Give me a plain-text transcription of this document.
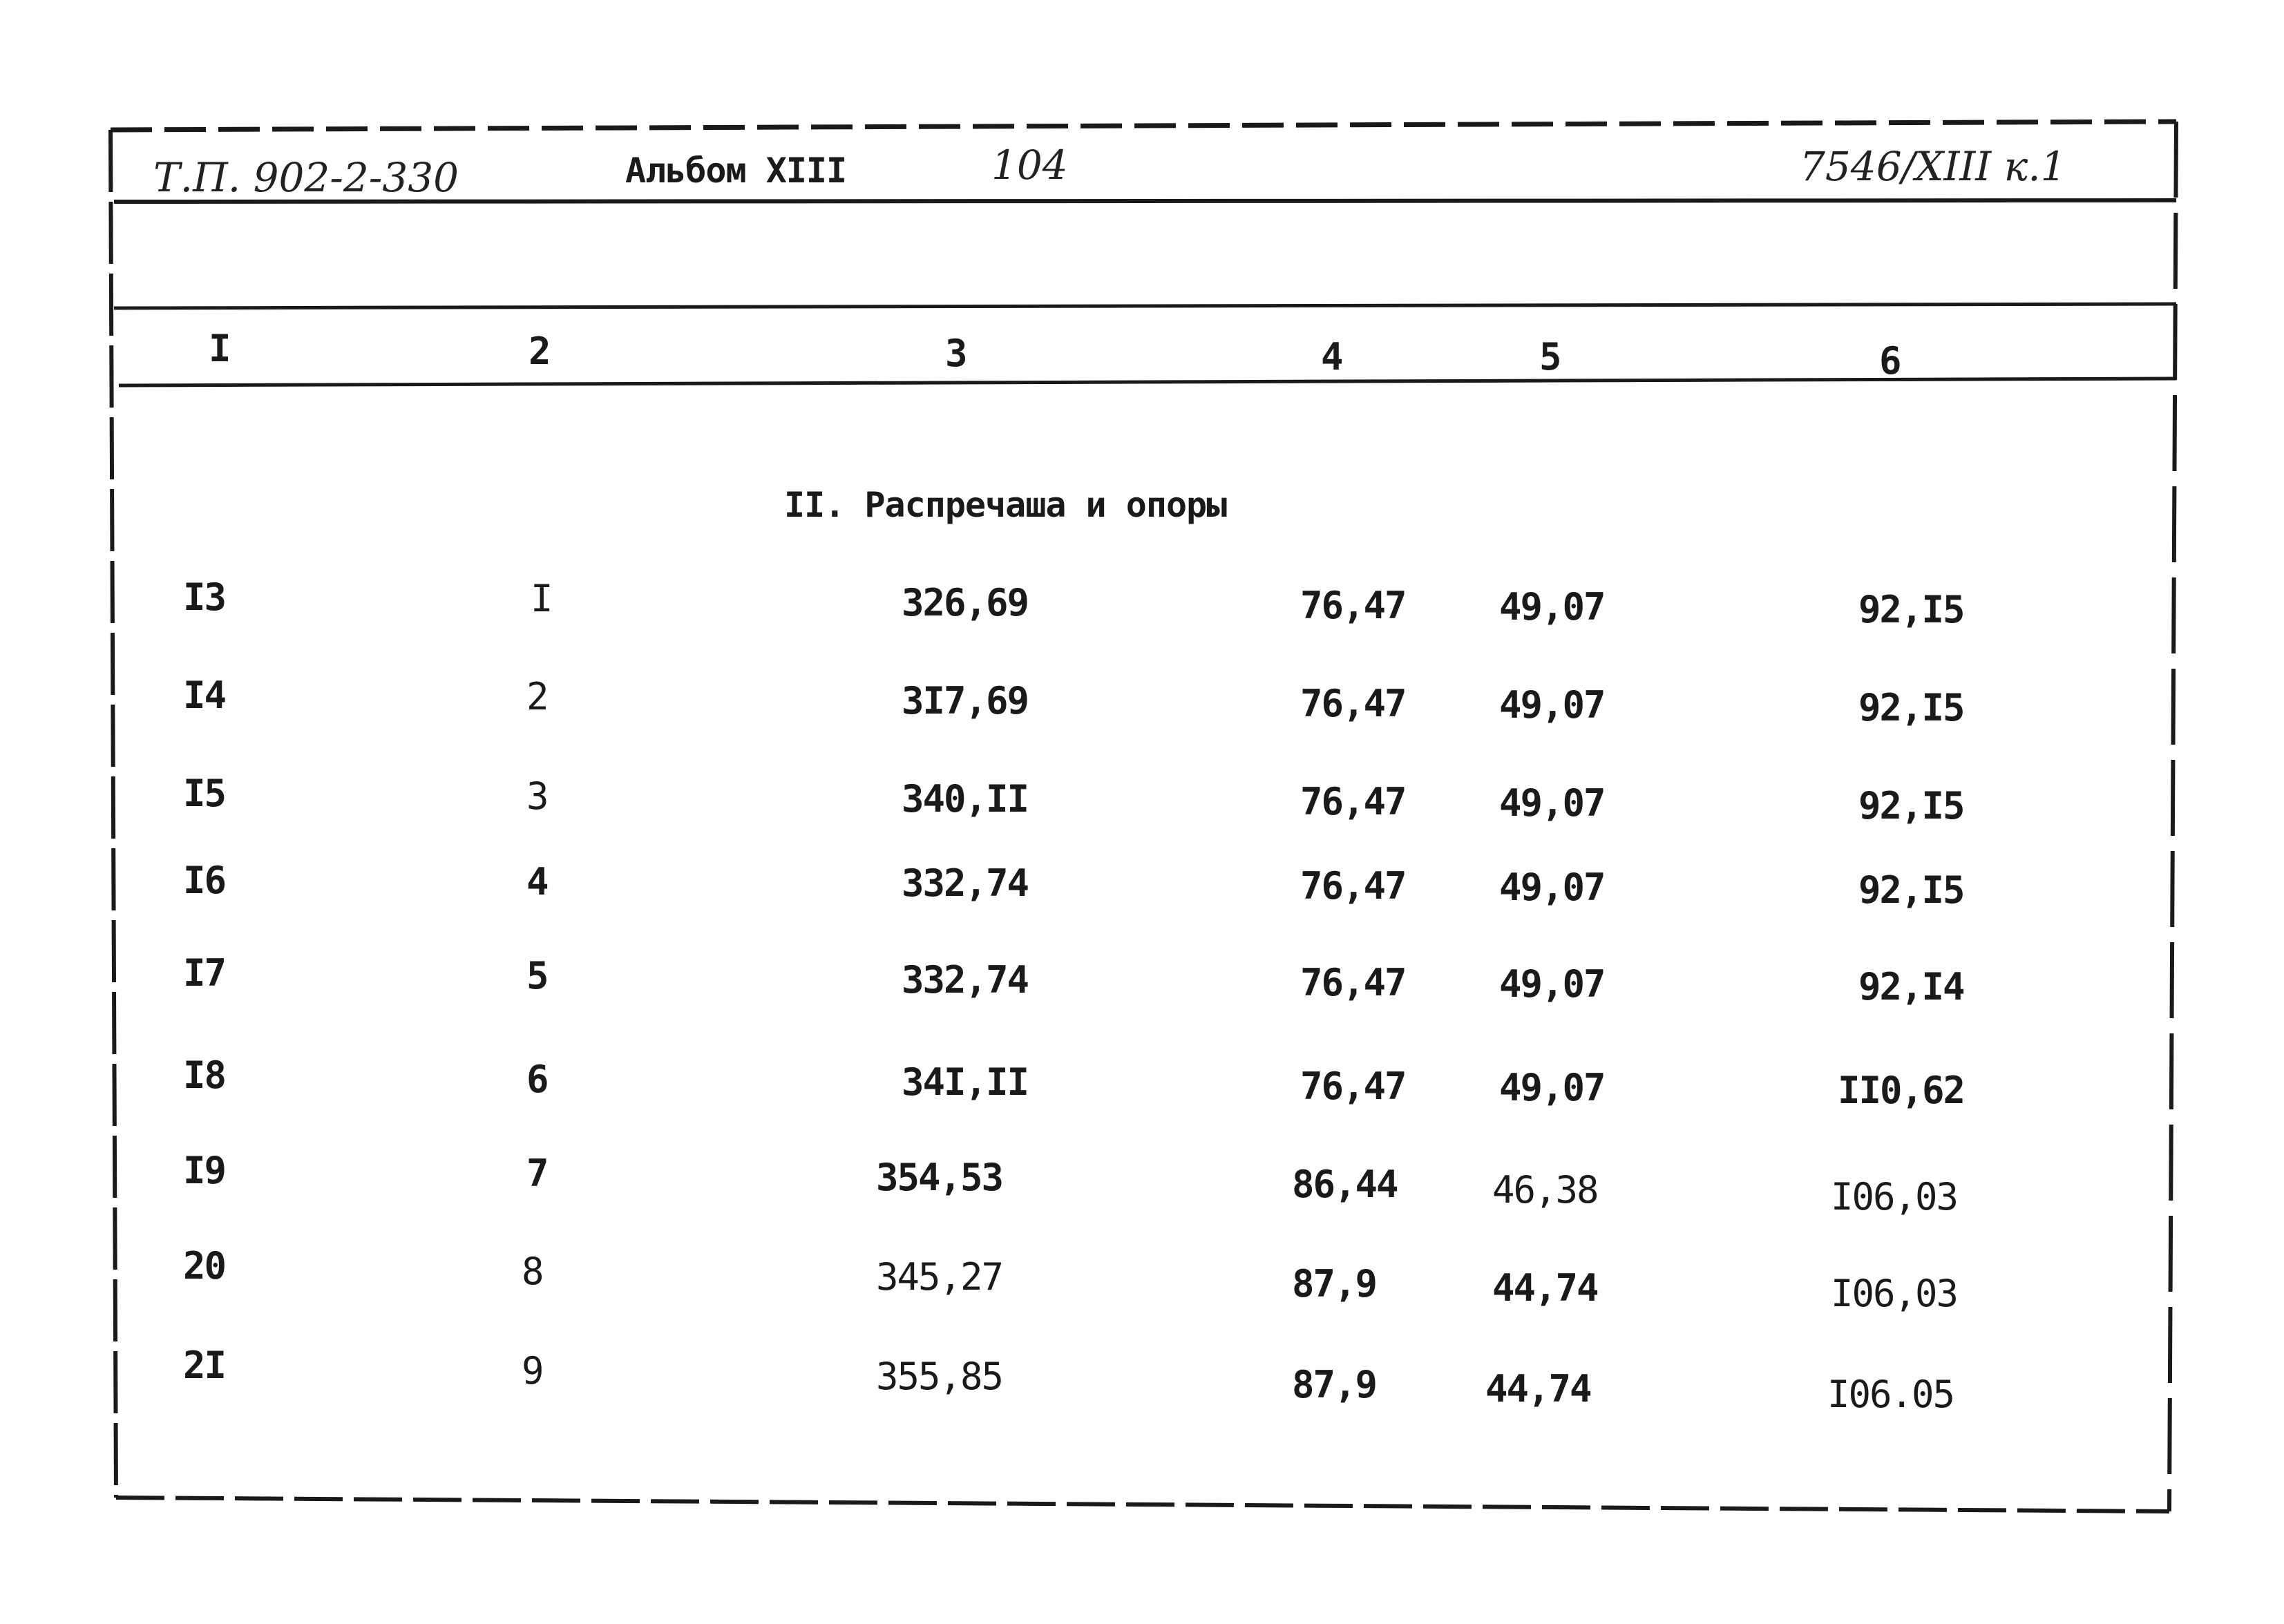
Т.П. 902-2-330	Альбом XIII	104	7546/XIII к.1
I	2	3	4	5	6
II. Распречаша и опоры
I3	I	326,69	76,47	49,07	92,I5
I4	2	3I7,69	76,47	49,07	92,I5
I5	3	340,II	76,47	49,07	92,I5
I6	4	332,74	76,47	49,07	92,I5
I7	5	332,74	76,47	49,07	92,I4
I8	6	34I,II	76,47	49,07	II0,62
I9	7	354,53	86,44	46,38	I06,03
20	8	345,27	87,9	44,74	I06,03
2I	9	355,85	87,9	44,74	I06.05
